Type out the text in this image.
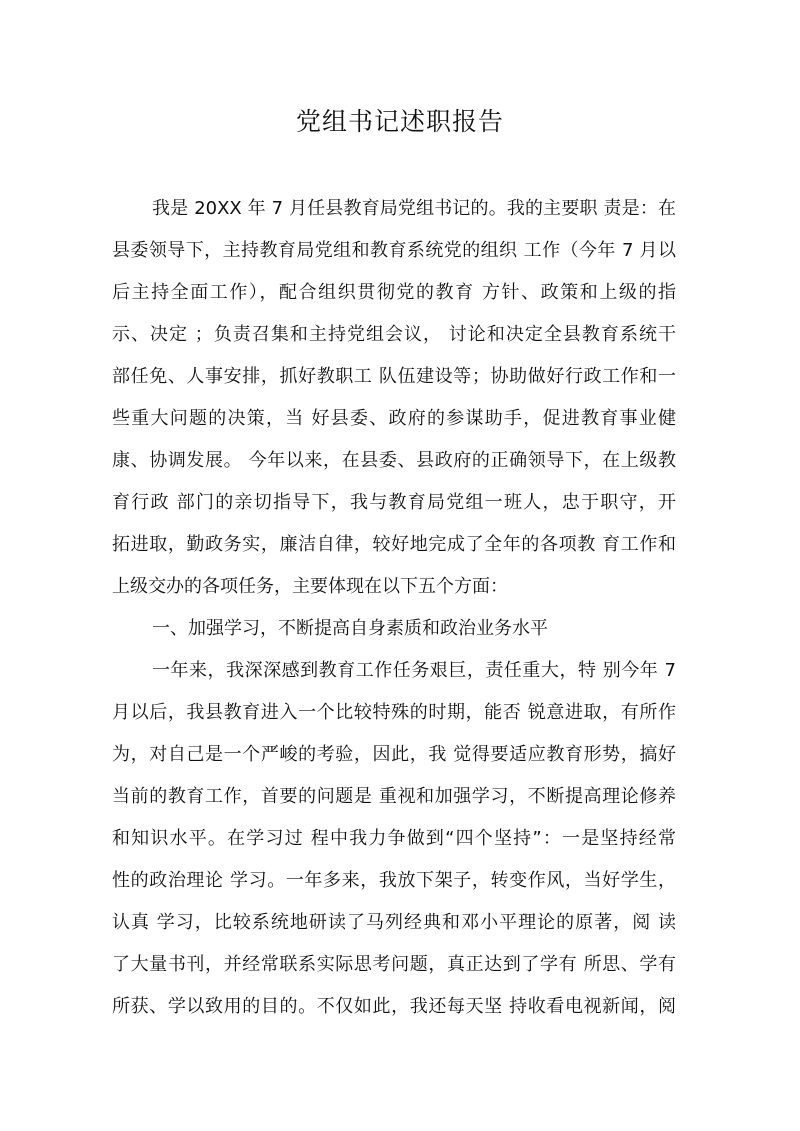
党组书记述职报告

我是 20XX 年 7 月任县教育局党组书记的。我的主要职 责是：在

县委领导下，主持教育局党组和教育系统党的组织 工作（今年 7 月以

后主持全面工作），配合组织贯彻党的教育 方针、政策和上级的指

示、决定 ；负责召集和主持党组会议， 讨论和决定全县教育系统干

部任免、人事安排，抓好教职工 队伍建设等；协助做好行政工作和一

些重大问题的决策，当 好县委、政府的参谋助手，促进教育事业健

康、协调发展。 今年以来，在县委、县政府的正确领导下，在上级教

育行政 部门的亲切指导下，我与教育局党组一班人，忠于职守，开

拓进取，勤政务实，廉洁自律，较好地完成了全年的各项教 育工作和

上级交办的各项任务，主要体现在以下五个方面：

一、加强学习，不断提高自身素质和政治业务水平

一年来，我深深感到教育工作任务艰巨，责任重大，特 别今年 7

月以后，我县教育进入一个比较特殊的时期，能否 锐意进取，有所作

为，对自己是一个严峻的考验，因此，我 觉得要适应教育形势，搞好

当前的教育工作，首要的问题是 重视和加强学习，不断提高理论修养

和知识水平。在学习过 程中我力争做到“四个坚持”：一是坚持经常

性的政治理论 学习。一年多来，我放下架子，转变作风，当好学生，

认真 学习，比较系统地研读了马列经典和邓小平理论的原著，阅 读

了大量书刊，并经常联系实际思考问题，真正达到了学有 所思、学有

所获、学以致用的目的。不仅如此，我还每天坚 持收看电视新闻，阅
